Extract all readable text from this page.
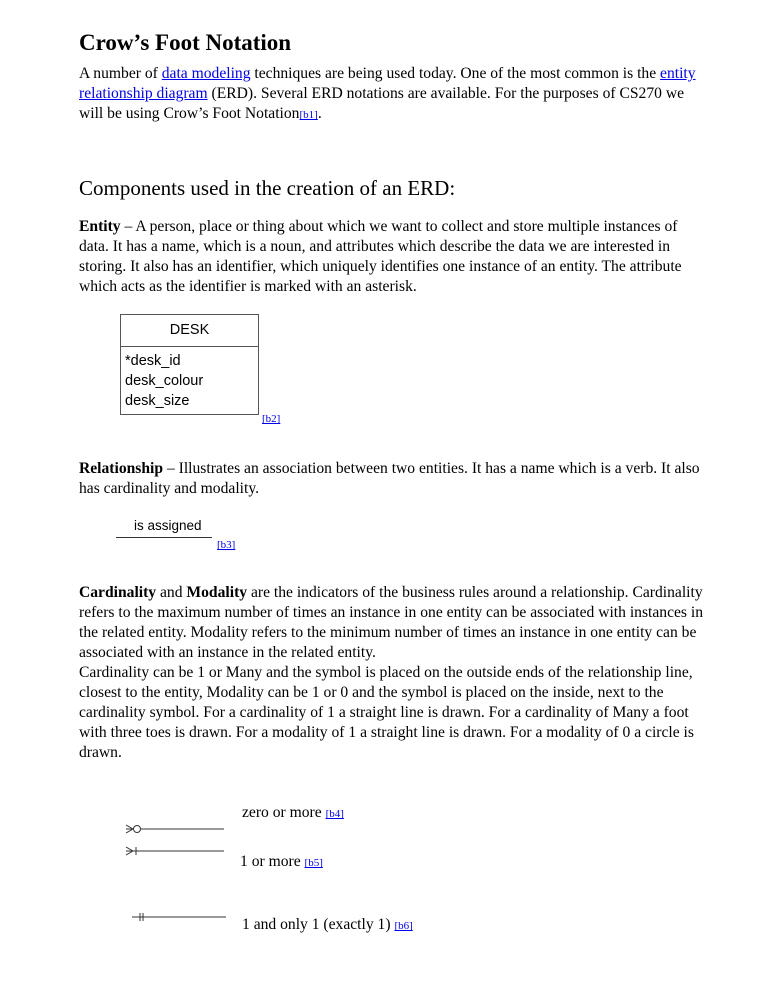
Crow’s Foot Notation

A number of data modeling techniques are being used today. One of the most common is the entity relationship diagram (ERD). Several ERD notations are available. For the purposes of CS270 we will be using Crow’s Foot Notation[b1].

Components used in the creation of an ERD:

Entity – A person, place or thing about which we want to collect and store multiple instances of data. It has a name, which is a noun, and attributes which describe the data we are interested in storing. It also has an identifier, which uniquely identifies one instance of an entity. The attribute which acts as the identifier is marked with an asterisk.

DESK
*desk_id
desk_colour
desk_size
[b2]

Relationship – Illustrates an association between two entities. It has a name which is a verb. It also has cardinality and modality.

is assigned
[b3]

Cardinality and Modality are the indicators of the business rules around a relationship. Cardinality refers to the maximum number of times an instance in one entity can be associated with instances in the related entity. Modality refers to the minimum number of times an instance in one entity can be associated with an instance in the related entity.
Cardinality can be 1 or Many and the symbol is placed on the outside ends of the relationship line, closest to the entity, Modality can be 1 or 0 and the symbol is placed on the inside, next to the cardinality symbol. For a cardinality of 1 a straight line is drawn. For a cardinality of Many a foot with three toes is drawn. For a modality of 1 a straight line is drawn. For a modality of 0 a circle is drawn.

zero or more [b4]
1 or more [b5]
1 and only 1 (exactly 1) [b6]
